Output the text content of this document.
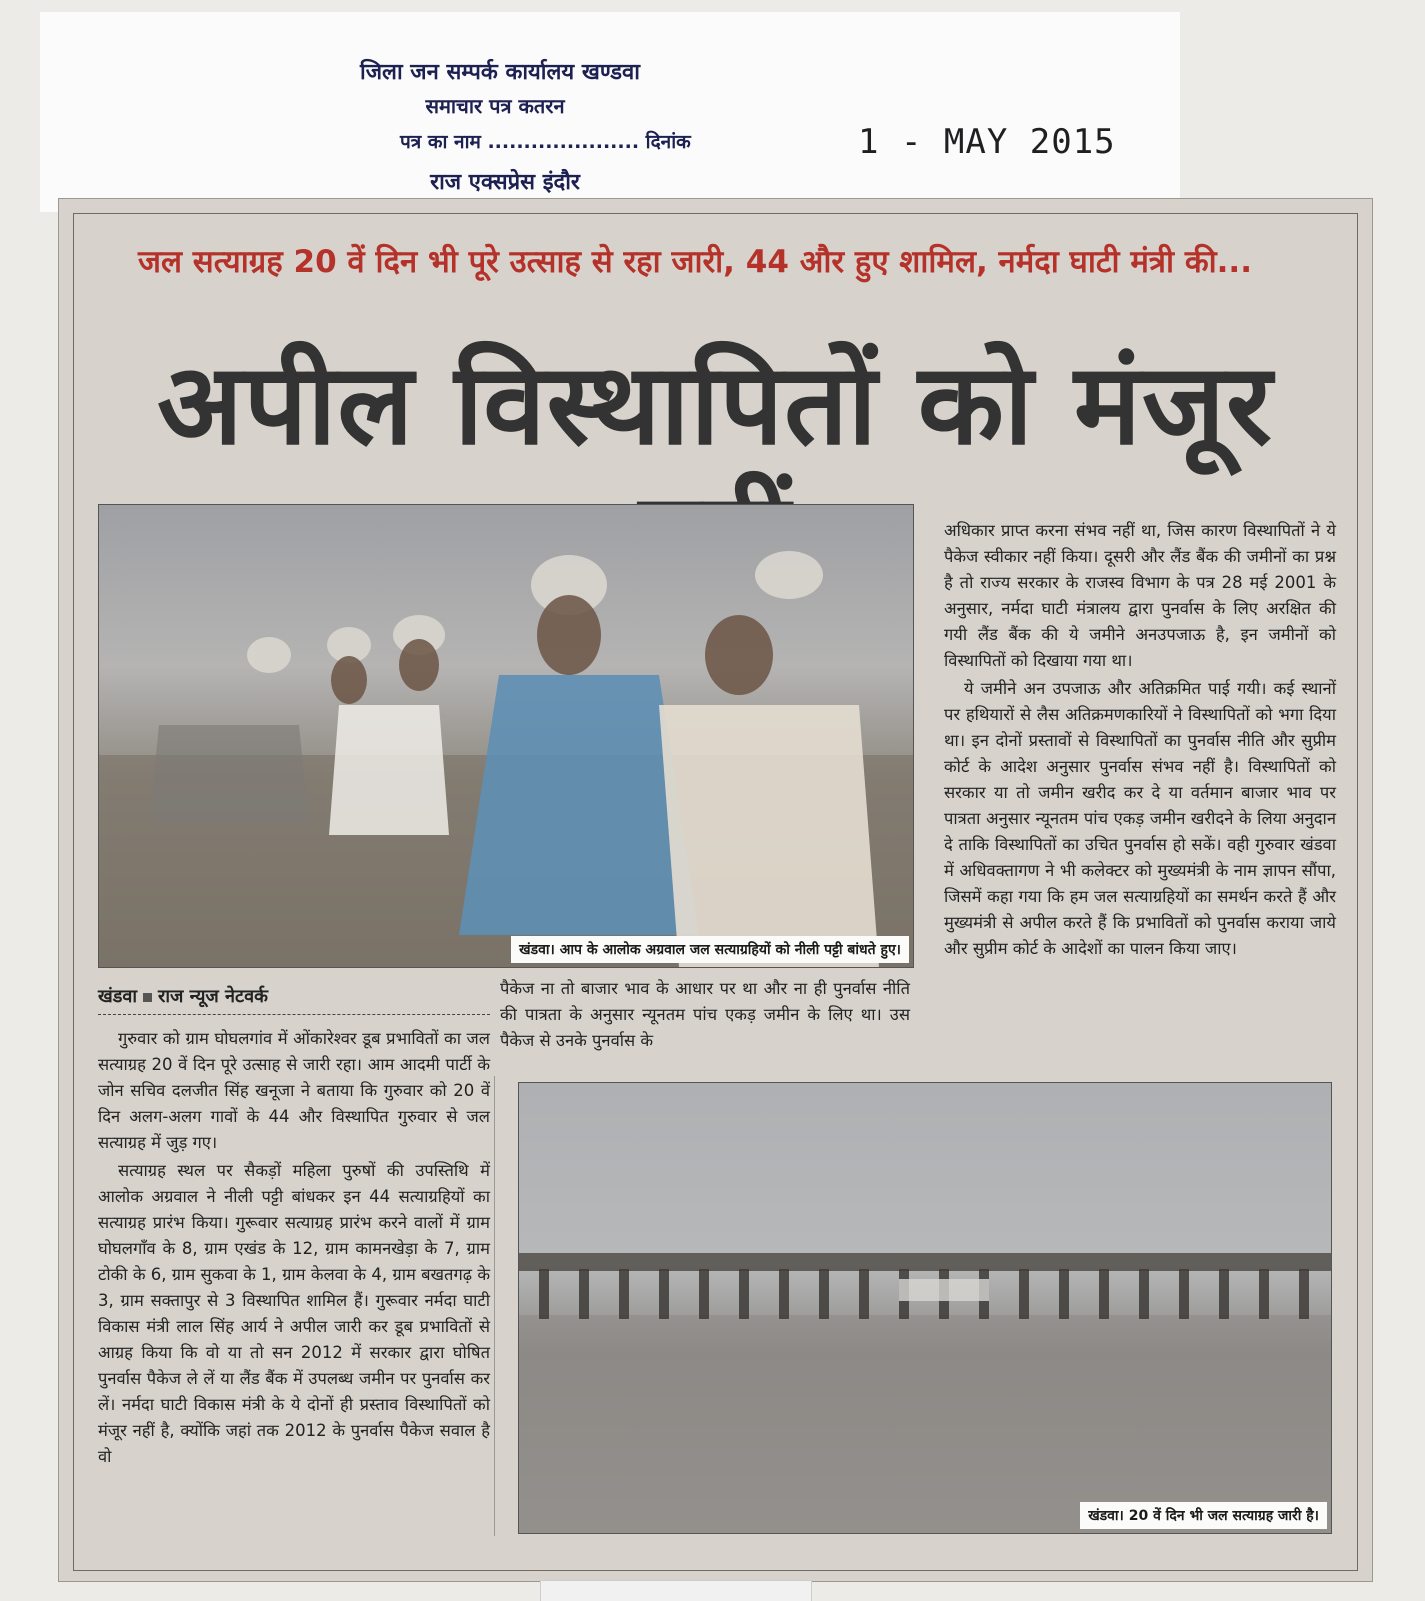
जिला जन सम्पर्क कार्यालय खण्डवा
समाचार पत्र कतरन
पत्र का नाम ..................... दिनांक
राज एक्सप्रेस इंदौर
1 - MAY 2015
जल सत्याग्रह 20 वें दिन भी पूरे उत्साह से रहा जारी, 44 और हुए शामिल, नर्मदा घाटी मंत्री की...
अपील विस्थापितों को मंजूर
खंडवा। आप के आलोक अग्रवाल जल सत्याग्रहियों को नीली पट्टी बांधते हुए।
खंडवा राज न्यूज नेटवर्क

गुरुवार को ग्राम घोघलगांव में ओंकारेश्वर डूब प्रभावितों का जल सत्याग्रह 20 वें दिन पूरे उत्साह से जारी रहा। आम आदमी पार्टी के जोन सचिव दलजीत सिंह खनूजा ने बताया कि गुरुवार को 20 वें दिन अलग-अलग गावों के 44 और विस्थापित गुरुवार से जल सत्याग्रह में जुड़ गए।

सत्याग्रह स्थल पर सैकड़ों महिला पुरुषों की उपस्तिथि में आलोक अग्रवाल ने नीली पट्टी बांधकर इन 44 सत्याग्रहियों का सत्याग्रह प्रारंभ किया। गुरूवार सत्याग्रह प्रारंभ करने वालों में ग्राम घोघलगाँव के 8, ग्राम एखंड के 12, ग्राम कामनखेड़ा के 7, ग्राम टोकी के 6, ग्राम सुकवा के 1, ग्राम केलवा के 4, ग्राम बखतगढ़ के 3, ग्राम सक्तापुर से 3 विस्थापित शामिल हैं। गुरूवार नर्मदा घाटी विकास मंत्री लाल सिंह आर्य ने अपील जारी कर डूब प्रभावितों से आग्रह किया कि वो या तो सन 2012 में सरकार द्वारा घोषित पुनर्वास पैकेज ले लें या लैंड बैंक में उपलब्ध जमीन पर पुनर्वास कर लें। नर्मदा घाटी विकास मंत्री के ये दोनों ही प्रस्ताव विस्थापितों को मंजूर नहीं है, क्योंकि जहां तक 2012 के पुनर्वास पैकेज सवाल है वो

पैकेज ना तो बाजार भाव के आधार पर था और ना ही पुनर्वास नीति की पात्रता के अनुसार न्यूनतम पांच एकड़ जमीन के लिए था। उस पैकेज से उनके पुनर्वास के

अधिकार प्राप्त करना संभव नहीं था, जिस कारण विस्थापितों ने ये पैकेज स्वीकार नहीं किया। दूसरी और लैंड बैंक की जमीनों का प्रश्न है तो राज्य सरकार के राजस्व विभाग के पत्र 28 मई 2001 के अनुसार, नर्मदा घाटी मंत्रालय द्वारा पुनर्वास के लिए अरक्षित की गयी लैंड बैंक की ये जमीने अनउपजाऊ है, इन जमीनों को विस्थापितों को दिखाया गया था।

ये जमीने अन उपजाऊ और अतिक्रमित पाई गयी। कई स्थानों पर हथियारों से लैस अतिक्रमणकारियों ने विस्थापितों को भगा दिया था। इन दोनों प्रस्तावों से विस्थापितों का पुनर्वास नीति और सुप्रीम कोर्ट के आदेश अनुसार पुनर्वास संभव नहीं है। विस्थापितों को सरकार या तो जमीन खरीद कर दे या वर्तमान बाजार भाव पर पात्रता अनुसार न्यूनतम पांच एकड़ जमीन खरीदने के लिया अनुदान दे ताकि विस्थापितों का उचित पुनर्वास हो सकें। वही गुरुवार खंडवा में अधिवक्तागण ने भी कलेक्टर को मुख्यमंत्री के नाम ज्ञापन सौंपा, जिसमें कहा गया कि हम जल सत्याग्रहियों का समर्थन करते हैं और मुख्यमंत्री से अपील करते हैं कि प्रभावितों को पुनर्वास कराया जाये और सुप्रीम कोर्ट के आदेशों का पालन किया जाए।

खंडवा। 20 वें दिन भी जल सत्याग्रह जारी है।
